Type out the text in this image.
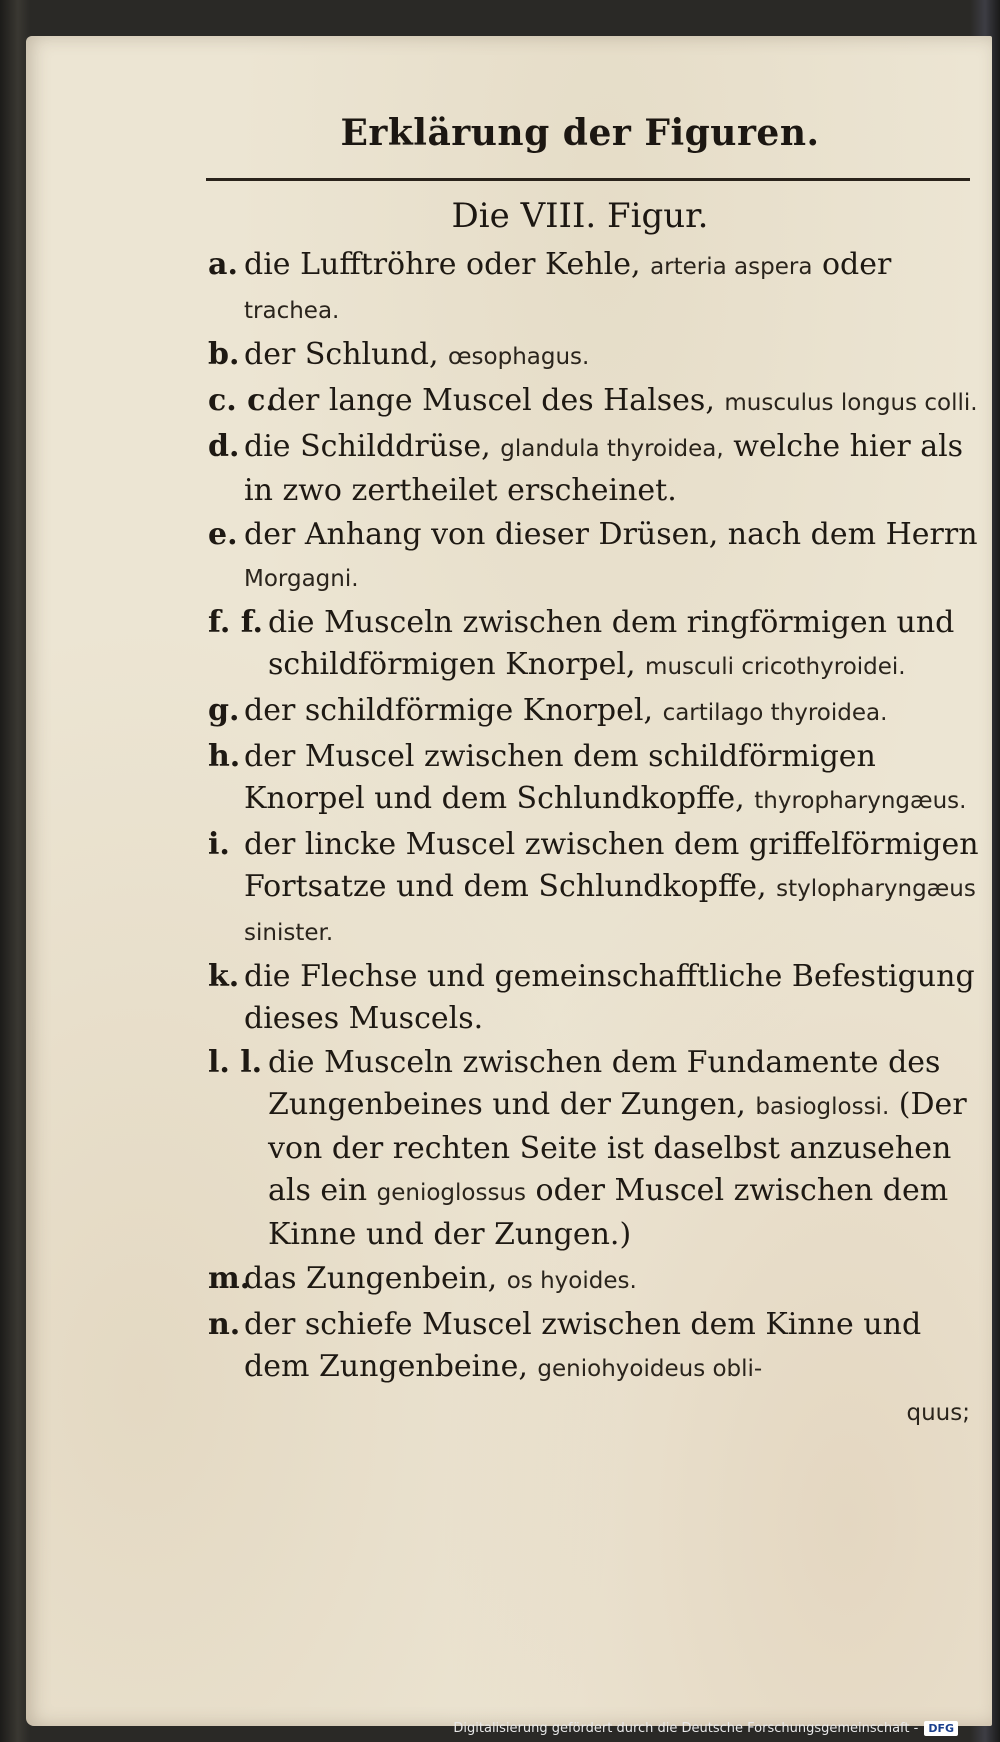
Erklärung der Figuren.
Die VIII. Figur.
a. die Lufftröhre oder Kehle, arteria aspera oder trachea.
b. der Schlund, œsophagus.
c. c.
der lange Muscel des Halses, musculus longus colli.
d. die Schilddrüse, glandula thyroidea, welche hier als in zwo zertheilet erscheinet.
e. der Anhang von dieser Drüsen, nach dem Herrn Morgagni.
f. f. die Musceln zwischen dem ringförmigen und schildförmigen Knorpel, musculi cricothyroidei.
g. der schildförmige Knorpel, cartilago thyroidea.
h. der Muscel zwischen dem schildförmigen Knorpel und dem Schlundkopffe, thyropharyngæus.
i. der lincke Muscel zwischen dem griffelförmigen Fortsatze und dem Schlundkopffe, stylopharyngæus sinister.
k. die Flechse und gemeinschafftliche Befestigung dieses Muscels.
l. l. die Musceln zwischen dem Fundamente des Zungenbeines und der Zungen, basioglossi. (Der von der rechten Seite ist daselbst anzusehen als ein genioglossus oder Muscel zwischen dem Kinne und der Zungen.)
m.
das Zungenbein, os hyoides.
n. der schiefe Muscel zwischen dem Kinne und dem Zungenbeine, geniohyoideus obli-
quus;
Digitalisierung gefördert durch die Deutsche Forschungsgemeinschaft - DFG
